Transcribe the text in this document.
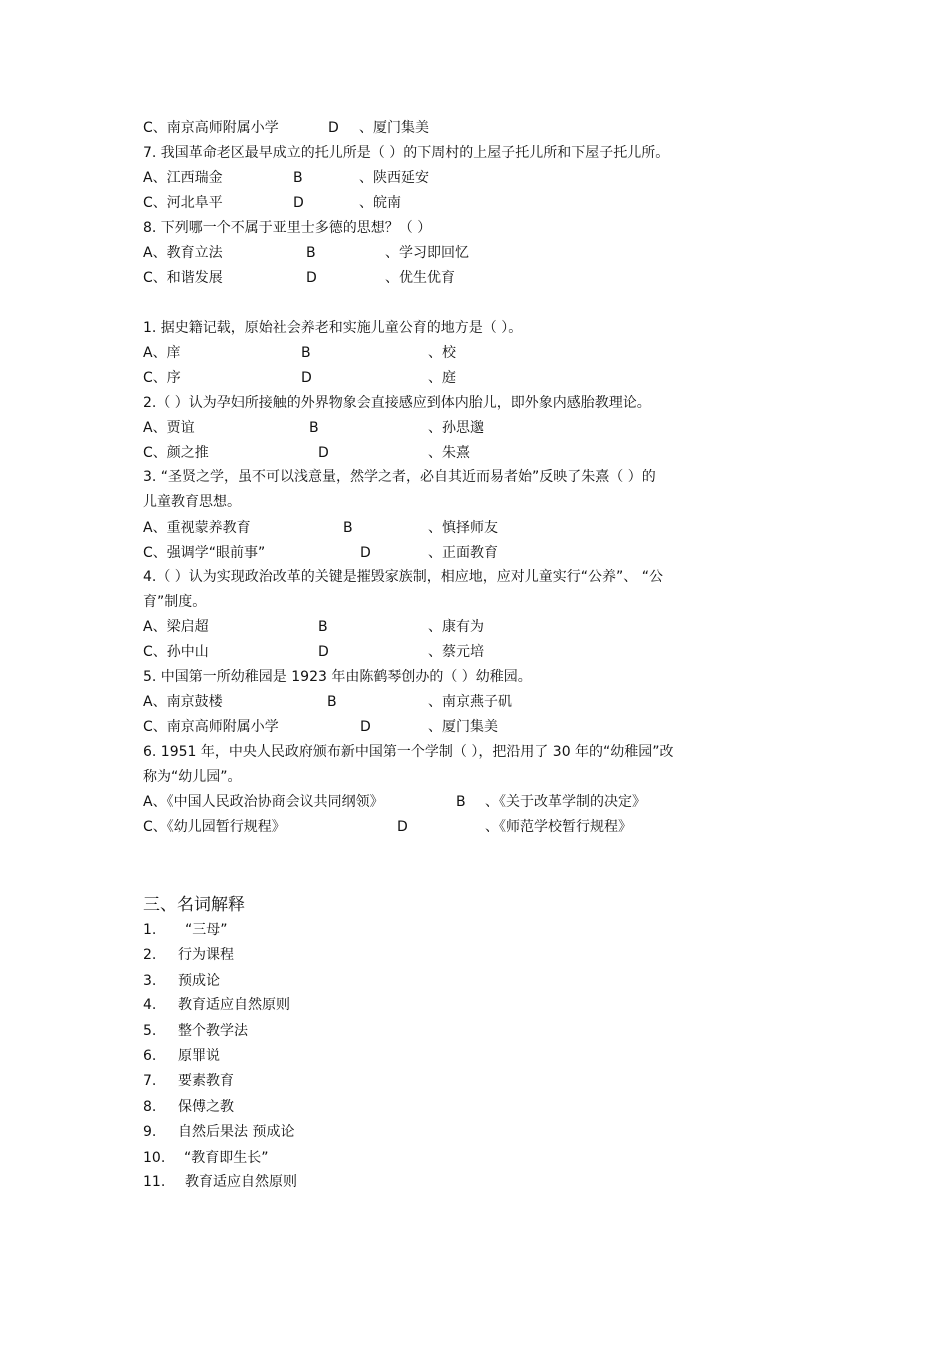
C、南京高师附属小学	D 、厦门集美
7. 我国革命老区最早成立的托儿所是（ ）的下周村的上屋子托儿所和下屋子托儿所。
A、江西瑞金	B	、陕西延安
C、河北阜平	D	、皖南
8. 下列哪一个不属于亚里士多德的思想？（ ）
A、教育立法	B	、学习即回忆
C、和谐发展	D	、优生优育
1. 据史籍记载，原始社会养老和实施儿童公育的地方是（ ）。
A、庠	B	、校
C、序	D	、庭
2.（ ）认为孕妇所接触的外界物象会直接感应到体内胎儿，即外象内感胎教理论。
A、贾谊	B	、孙思邈
C、颜之推	D	、朱熹
3. “圣贤之学，虽不可以浅意量，然学之者，必自其近而易者始”反映了朱熹（ ）的
儿童教育思想。
A、重视蒙养教育	B	、慎择师友
C、强调学“眼前事”	D	、正面教育
4.（ ）认为实现政治改革的关键是摧毁家族制，相应地，应对儿童实行“公养”、 “公
育”制度。
A、梁启超	B	、康有为
C、孙中山	D	、蔡元培
5. 中国第一所幼稚园是 1923 年由陈鹤琴创办的（ ）幼稚园。
A、南京鼓楼	B	、南京燕子矶
C、南京高师附属小学	D	、厦门集美
6. 1951 年，中央人民政府颁布新中国第一个学制（ ），把沿用了 30 年的“幼稚园”改
称为“幼儿园”。
A、《中国人民政治协商会议共同纲领》	B 、《关于改革学制的决定》
C、《幼儿园暂行规程》	D	、《师范学校暂行规程》
三、名词解释
1. “三母”
2. 行为课程
3. 预成论
4. 教育适应自然原则
5. 整个教学法
6. 原罪说
7. 要素教育
8. 保傅之教
9. 自然后果法 预成论
10. “教育即生长”
11. 教育适应自然原则
